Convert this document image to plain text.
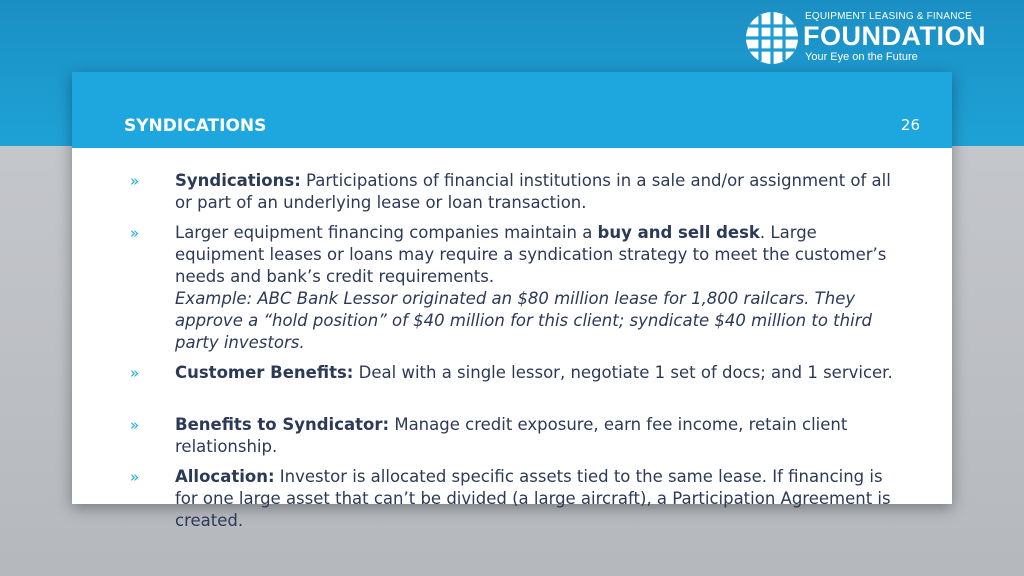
EQUIPMENT LEASING & FINANCE
FOUNDATION
Your Eye on the Future
SYNDICATIONS	26
» Syndications: Participations of financial institutions in a sale and/or assignment of all or part of an underlying lease or loan transaction.
» Larger equipment financing companies maintain a buy and sell desk. Large equipment leases or loans may require a syndication strategy to meet the customer’s needs and bank’s credit requirements.
Example: ABC Bank Lessor originated an $80 million lease for 1,800 railcars. They approve a “hold position” of $40 million for this client; syndicate $40 million to third party investors.
» Customer Benefits: Deal with a single lessor, negotiate 1 set of docs; and 1 servicer.
» Benefits to Syndicator: Manage credit exposure, earn fee income, retain client relationship.
» Allocation: Investor is allocated specific assets tied to the same lease. If financing is for one large asset that can’t be divided (a large aircraft), a Participation Agreement is created.
